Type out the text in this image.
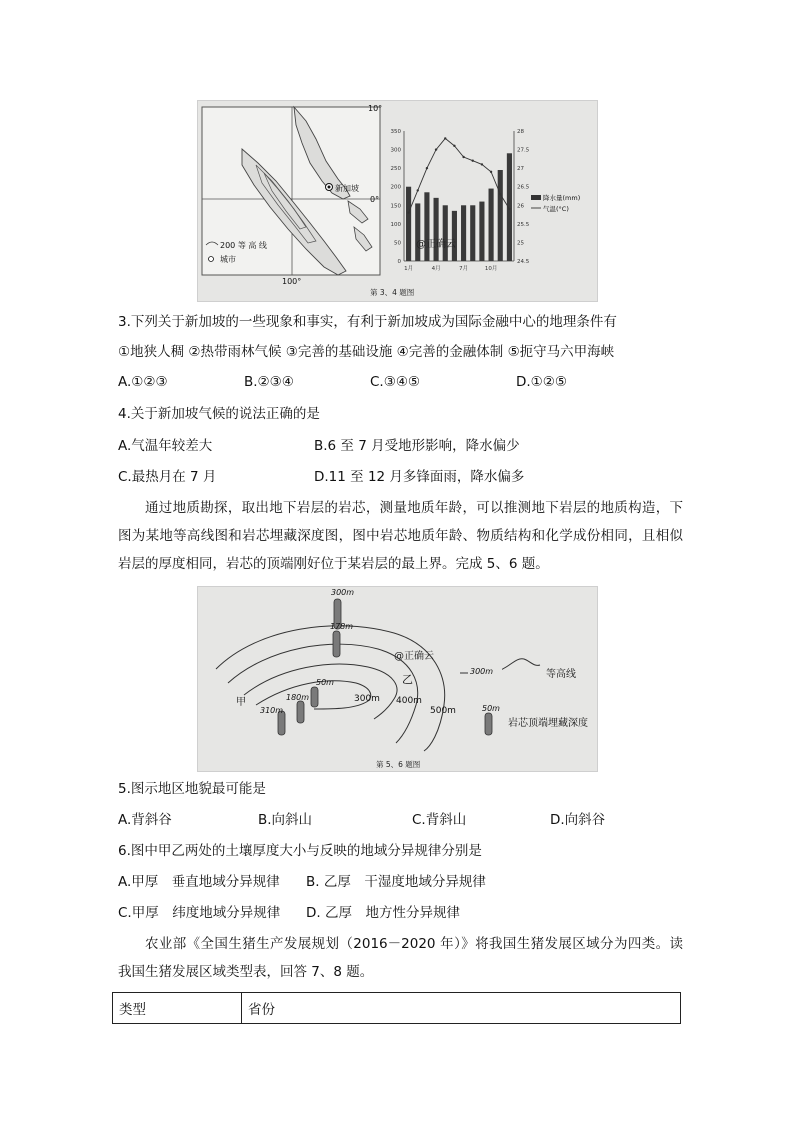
新加坡
10°
0°
100°
200 等 高 线
城市
350
300
250
200
150
100
50
0
28
27.5
27
26.5
26
25.5
25
24.5
1月	4月	7月	10月
降水量(mm)
气温(°C)
@正确云
第 3、4 题图
3.下列关于新加坡的一些现象和事实，有利于新加坡成为国际金融中心的地理条件有
①地狭人稠 ②热带雨林气候 ③完善的基础设施 ④完善的金融体制 ⑤扼守马六甲海峡
A.①②③	B.②③④	C.③④⑤	D.①②⑤
4.关于新加坡气候的说法正确的是
A.气温年较差大	B.6 至 7 月受地形影响，降水偏少
C.最热月在 7 月	D.11 至 12 月多锋面雨，降水偏多
通过地质勘探，取出地下岩层的岩芯，测量地质年龄，可以推测地下岩层的地质构造，下图为某地等高线图和岩芯埋藏深度图，图中岩芯地质年龄、物质结构和化学成份相同，且相似岩层的厚度相同，岩芯的顶端刚好位于某岩层的最上界。完成 5、6 题。
300m
178m
50m
180m
310m
300m 400m
500m
甲
乙
@正确云
300m	等高线
50m
岩芯顶端埋藏深度
第 5、6 题图
5.图示地区地貌最可能是
A.背斜谷	B.向斜山	C.背斜山	D.向斜谷
6.图中甲乙两处的土壤厚度大小与反映的地域分异规律分别是
A.甲厚　垂直地域分异规律 B. 乙厚　干湿度地域分异规律
C.甲厚　纬度地域分异规律 D. 乙厚　地方性分异规律
农业部《全国生猪生产发展规划（2016－2020 年）》将我国生猪发展区域分为四类。读我国生猪发展区域类型表，回答 7、8 题。
类型	省份
